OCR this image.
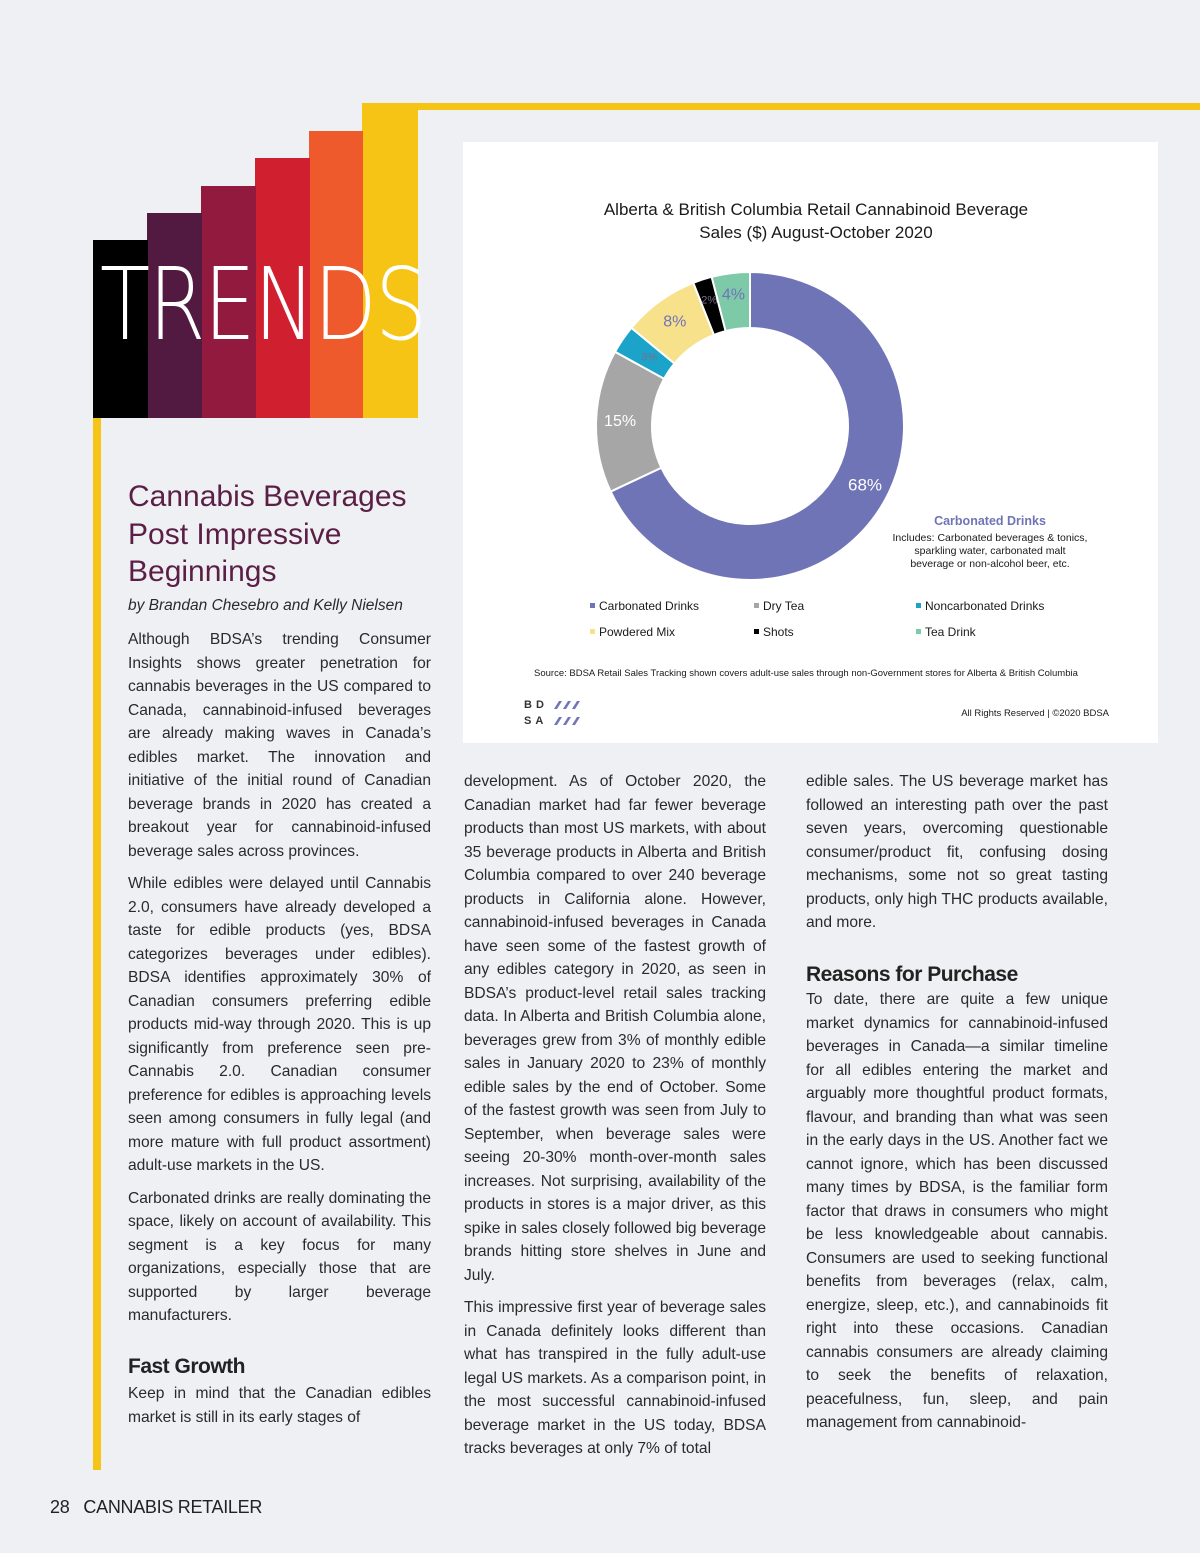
TRENDS
Alberta & British Columbia Retail Cannabinoid Beverage
Sales ($) August-October 2020
68%
15%
3%
8%
2% 4%
Carbonated Drinks
Includes: Carbonated beverages & tonics,
sparkling water, carbonated malt
beverage or non-alcohol beer, etc.
Carbonated Drinks	Dry Tea	Noncarbonated Drinks
Powdered Mix	Shots	Tea Drink
Source: BDSA Retail Sales Tracking shown covers adult-use sales through non-Government stores for Alberta & British Columbia
BD
SA
All Rights Reserved | ©2020 BDSA
Cannabis Beverages Post Impressive Beginnings
by Brandan Chesebro and Kelly Nielsen

Although BDSA’s trending Consumer Insights shows greater penetration for cannabis beverages in the US compared to Canada, cannabinoid-infused beverages are already making waves in Canada’s edibles market. The innovation and initiative of the initial round of Canadian beverage brands in 2020 has created a breakout year for cannabinoid-infused beverage sales across provinces.

While edibles were delayed until Cannabis 2.0, consumers have already developed a taste for edible products (yes, BDSA categorizes beverages under edibles). BDSA identifies approximately 30% of Canadian consumers preferring edible products mid-way through 2020. This is up significantly from preference seen pre-Cannabis 2.0. Canadian consumer preference for edibles is approaching levels seen among consumers in fully legal (and more mature with full product assortment) adult-use markets in the US.

Carbonated drinks are really dominating the space, likely on account of availability. This segment is a key focus for many organizations, especially those that are supported by larger beverage manufacturers.

Fast Growth

Keep in mind that the Canadian edibles market is still in its early stages of

development. As of October 2020, the Canadian market had far fewer beverage products than most US markets, with about 35 beverage products in Alberta and British Columbia compared to over 240 beverage products in California alone. However, cannabinoid-infused beverages in Canada have seen some of the fastest growth of any edibles category in 2020, as seen in BDSA’s product-level retail sales tracking data. In Alberta and British Columbia alone, beverages grew from 3% of monthly edible sales in January 2020 to 23% of monthly edible sales by the end of October. Some of the fastest growth was seen from July to September, when beverage sales were seeing 20-30% month-over-month sales increases. Not surprising, availability of the products in stores is a major driver, as this spike in sales closely followed big beverage brands hitting store shelves in June and July.

This impressive first year of beverage sales in Canada definitely looks different than what has transpired in the fully adult-use legal US markets. As a comparison point, in the most successful cannabinoid-infused beverage market in the US today, BDSA tracks beverages at only 7% of total

edible sales. The US beverage market has followed an interesting path over the past seven years, overcoming questionable consumer/product fit, confusing dosing mechanisms, some not so great tasting products, only high THC products available, and more.

Reasons for Purchase

To date, there are quite a few unique market dynamics for cannabinoid-infused beverages in Canada—a similar timeline for all edibles entering the market and arguably more thoughtful product formats, flavour, and branding than what was seen in the early days in the US. Another fact we cannot ignore, which has been discussed many times by BDSA, is the familiar form factor that draws in consumers who might be less knowledgeable about cannabis. Consumers are used to seeking functional benefits from beverages (relax, calm, energize, sleep, etc.), and cannabinoids fit right into these occasions. Canadian cannabis consumers are already claiming to seek the benefits of relaxation, peacefulness, fun, sleep, and pain management from cannabinoid-

28 CANNABIS RETAILER
